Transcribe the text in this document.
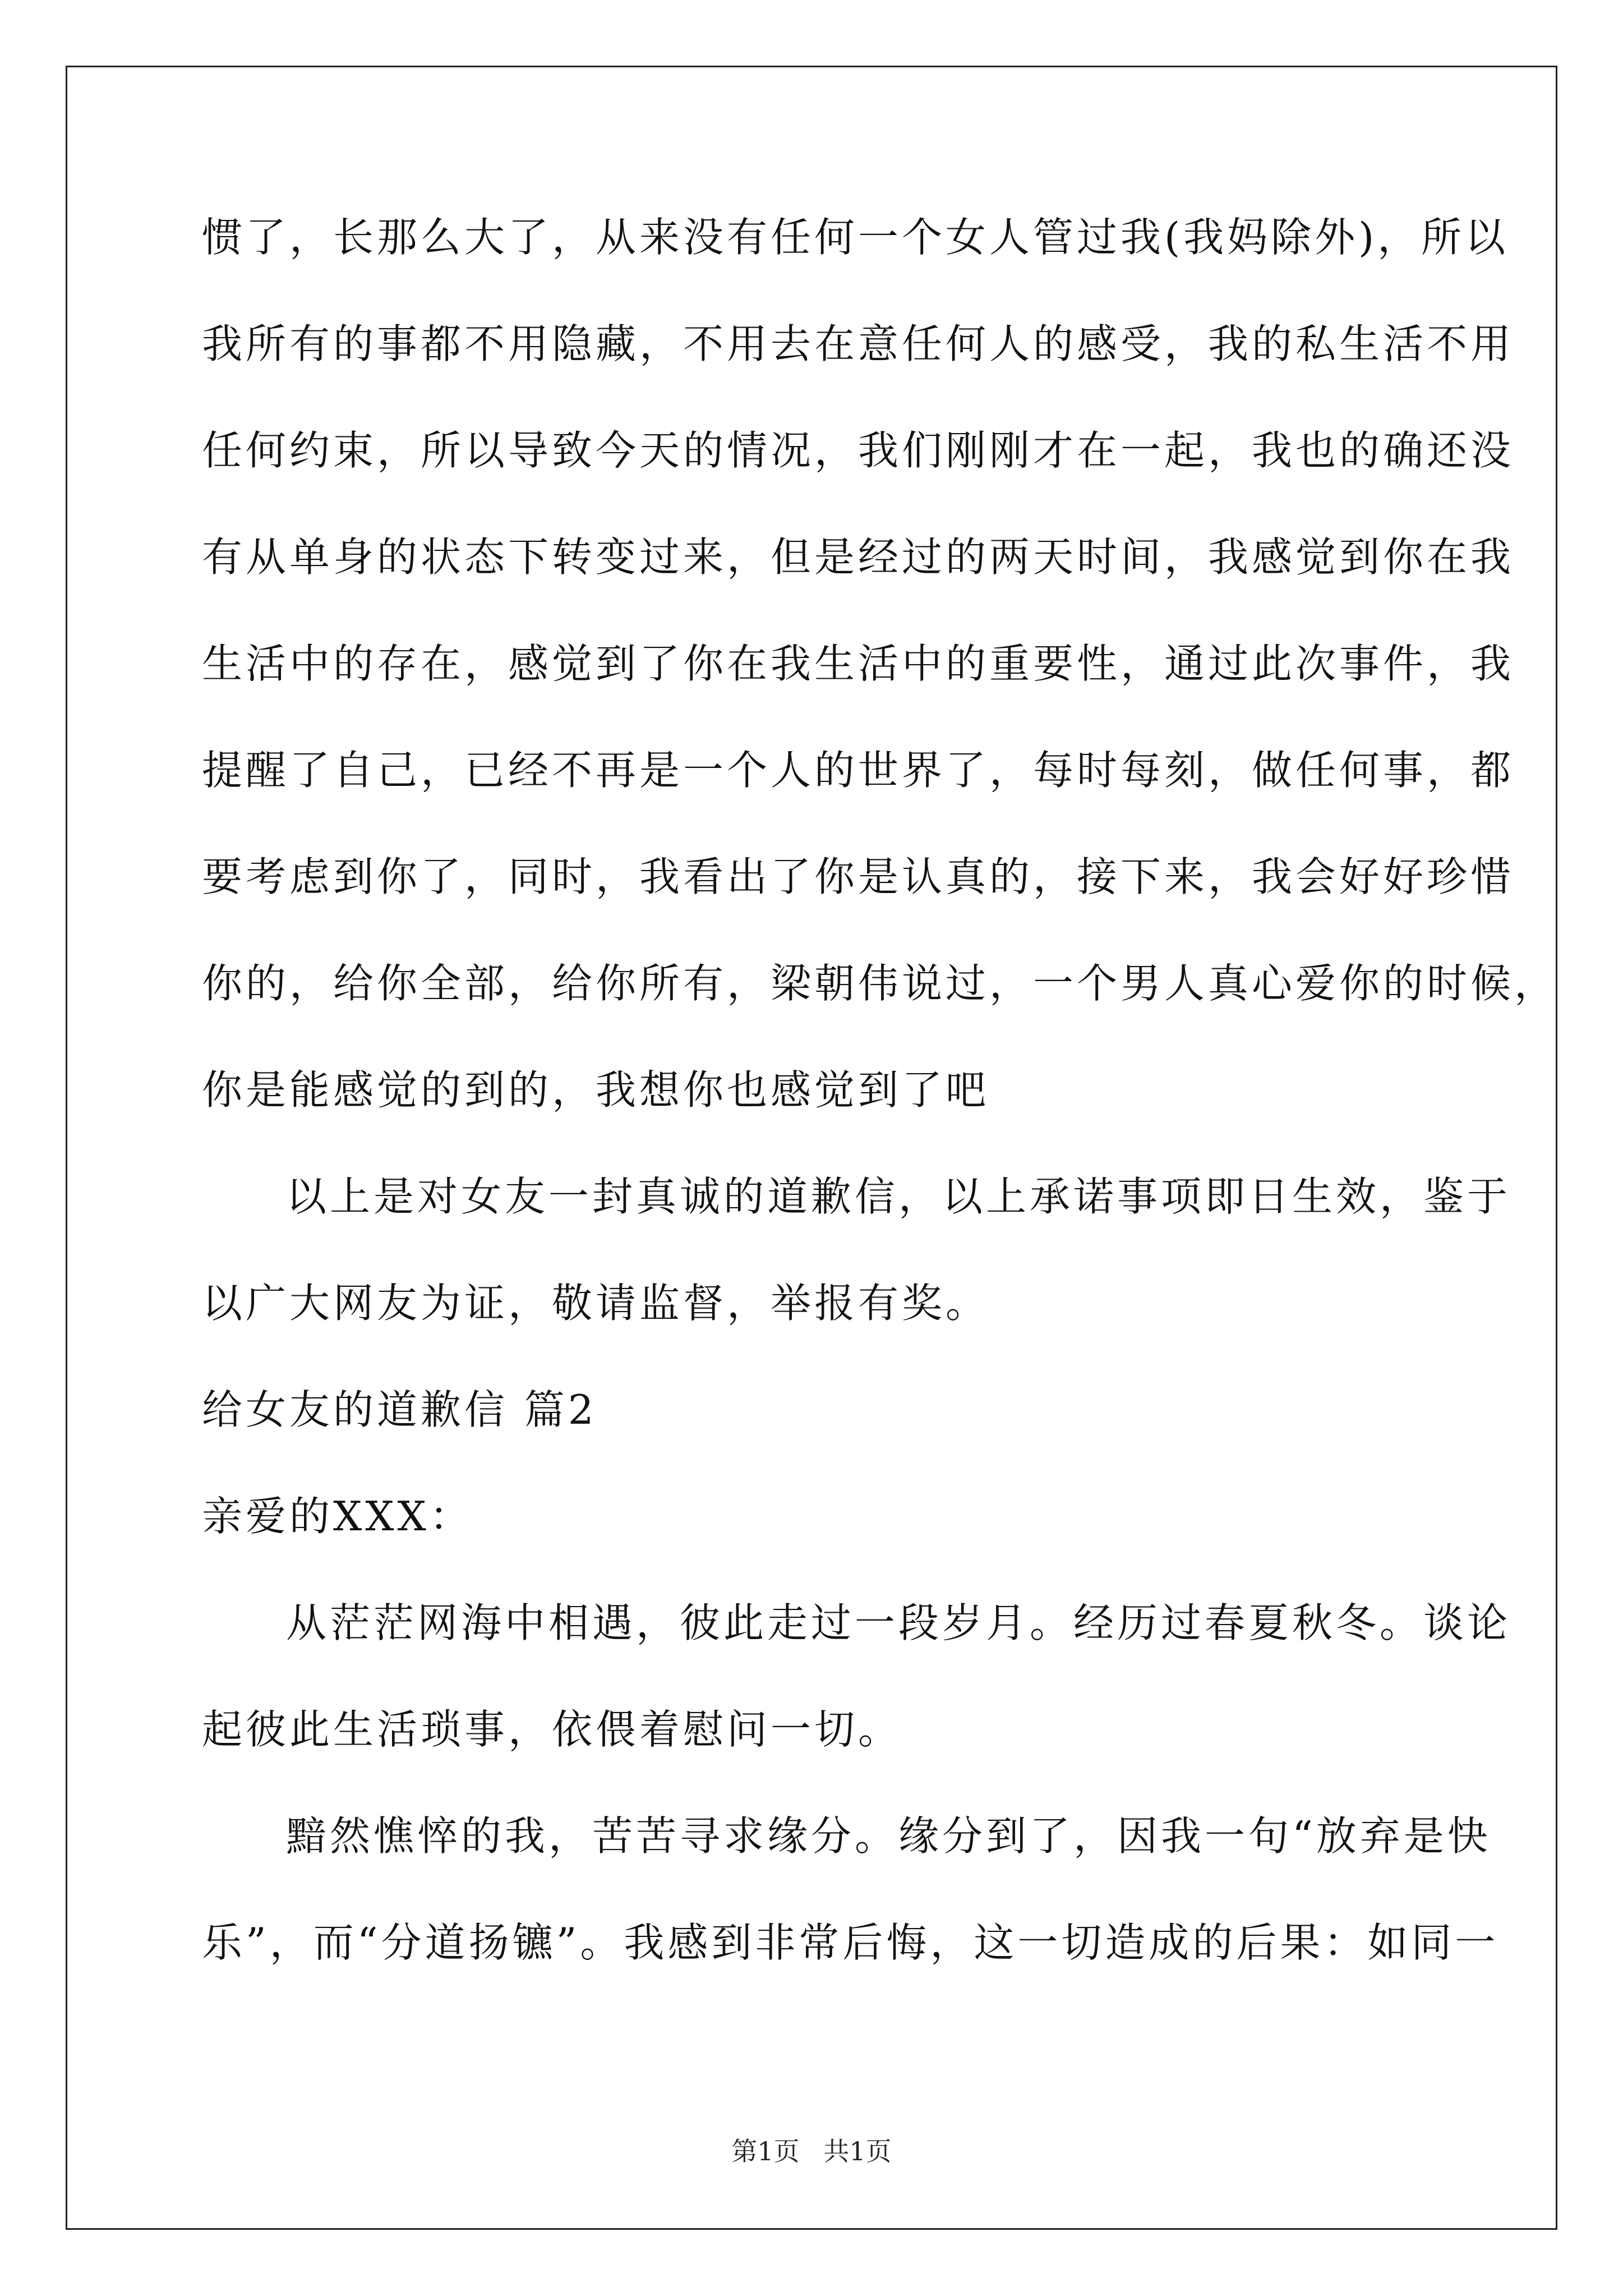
惯了，长那么大了，从来没有任何一个女人管过我(我妈除外)，所以
我所有的事都不用隐藏，不用去在意任何人的感受，我的私生活不用
任何约束，所以导致今天的情况，我们刚刚才在一起，我也的确还没
有从单身的状态下转变过来，但是经过的两天时间，我感觉到你在我
生活中的存在，感觉到了你在我生活中的重要性，通过此次事件，我
提醒了自己，已经不再是一个人的世界了，每时每刻，做任何事，都
要考虑到你了，同时，我看出了你是认真的，接下来，我会好好珍惜
你的，给你全部，给你所有，梁朝伟说过，一个男人真心爱你的时候，
你是能感觉的到的，我想你也感觉到了吧
以上是对女友一封真诚的道歉信，以上承诺事项即日生效，鉴于
以广大网友为证，敬请监督，举报有奖。
给女友的道歉信 篇2
亲爱的XXX：
从茫茫网海中相遇，彼此走过一段岁月。经历过春夏秋冬。谈论
起彼此生活琐事，依偎着慰问一切。
黯然憔悴的我，苦苦寻求缘分。缘分到了，因我一句“放弃是快
乐”，而“分道扬镳”。我感到非常后悔，这一切造成的后果：如同一
第1页 共1页
